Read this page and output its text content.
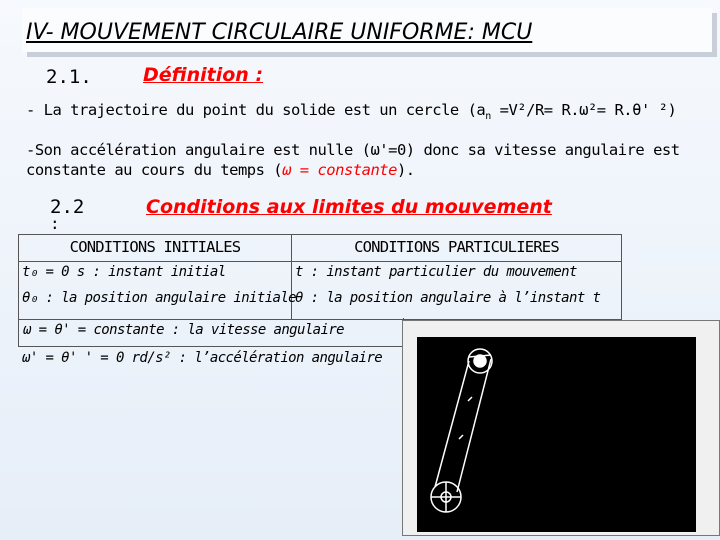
IV- MOUVEMENT CIRCULAIRE UNIFORME: MCU
2.1.	Définition :
- La trajectoire du point du solide est un cercle ($a_n =V^2/R= R.\omega^2= R.\theta'$ ²)
-Son accélération angulaire est nulle (ω'=0) donc sa vitesse angulaire est
constante au cours du temps (ω = constante).
2.2
:
Conditions aux limites du mouvement
CONDITIONS INITIALES
t₀ = 0 s : instant initial
θ₀ : la position angulaire initiale
CONDITIONS PARTICULIERES
t : instant particulier du mouvement
θ : la position angulaire à l’instant t
ω = θ' = constante : la vitesse angulaire
ω' = θ' ' = 0 rd/s² : l’accélération angulaire
